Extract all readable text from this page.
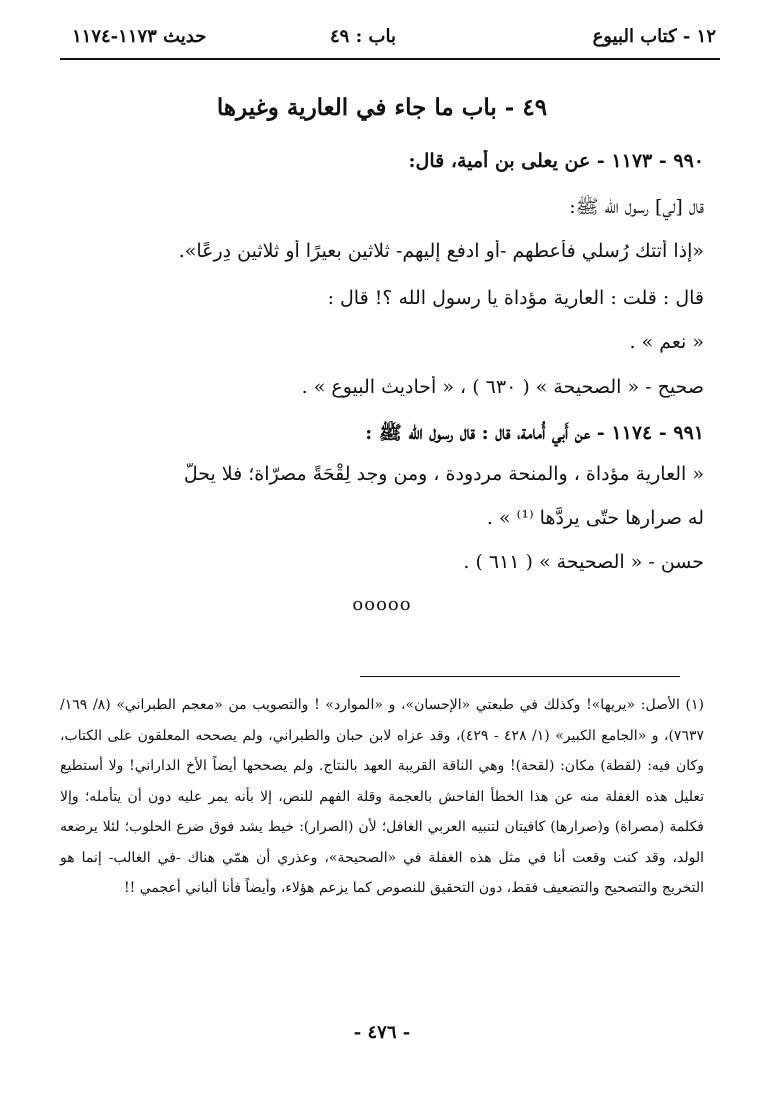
١٢ - كتاب البيوع
باب : ٤٩
حديث ١١٧٣-١١٧٤
٤٩ - باب ما جاء في العارية وغيرها
٩٩٠ - ١١٧٣ - عن يعلى بن أُمية، قال:
قال [لي] رسول الله ﷺ:
«إذا أتتك رُسلي فأعطهم -أو ادفع إليهم- ثلاثين بعيرًا أو ثلاثين دِرعًا».
قال : قلت : العارية مؤداة يا رسول الله ؟! قال :
« نعم » .
صحيح - « الصحيحة » ( ٦٣٠ ) ، « أحاديث البيوع » .
٩٩١ - ١١٧٤ - عن أَبي أُمامة، قال : قال رسول الله ﷺ :
« العارية مؤداة ، والمنحة مردودة ، ومن وجد لِقْحَةً مصرّاة؛ فلا يحلُّ
له صرارها حتّى يردَّها ⁽¹⁾ » .
حسن - « الصحيحة » ( ٦١١ ) .
ooooo
(١) الأصل: «يريها»! وكذلك في طبعتي «الإحسان»، و «الموارد» ! والتصويب من «معجم الطبراني» (٨/ ١٦٩/ ٧٦٣٧)، و «الجامع الكبير» (١/ ٤٢٨ - ٤٢٩)، وقد عزاه لابن حبان والطبراني، ولم يصححه المعلقون على الكتاب، وكان فيه: (لقطة) مكان: (لقحة)! وهي الناقة القريبة العهد بالنتاج. ولم يصححها أيضاً الأخ الداراني! ولا أستطيع تعليل هذه الغفلة منه عن هذا الخطأ الفاحش بالعجمة وقلة الفهم للنص، إلا بأنه يمر عليه دون أن يتأمله؛ وإلا فكلمة (مصراة) و(صرارها) كافيتان لتنبيه العربي الغافل؛ لأن (الصرار): خيط يشد فوق ضرع الحلوب؛ لئلا يرضعه الولد، وقد كنت وقعت أنا في مثل هذه الغفلة في «الصحيحة»، وعذري أن همّي هناك -في الغالب- إنما هو التخريج والتصحيح والتضعيف فقط، دون التحقيق للنصوص كما يزعم هؤلاء، وأيضاً فأنا ألباني أعجمي !!
- ٤٧٦ -
